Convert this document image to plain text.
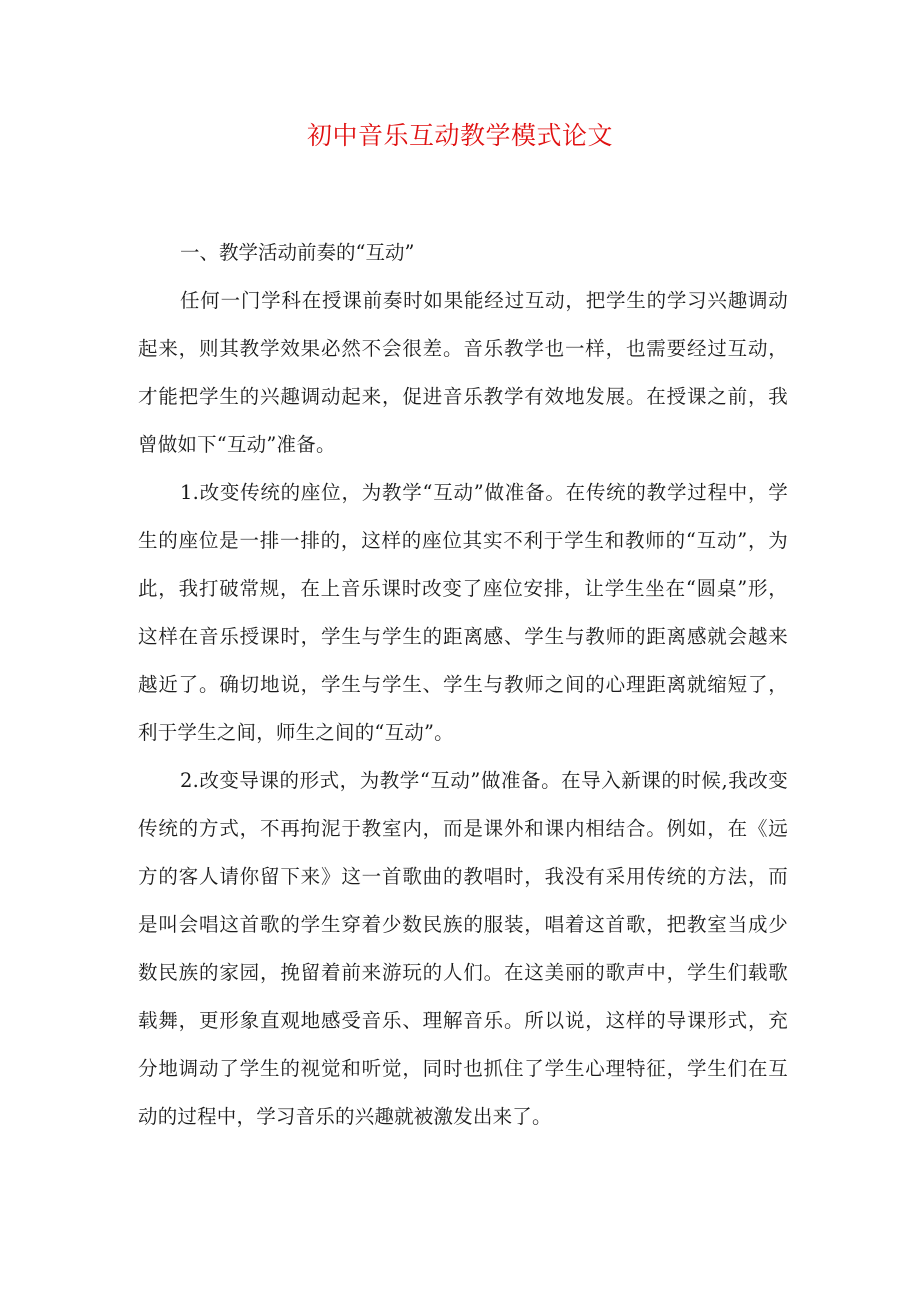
初中音乐互动教学模式论文

一、教学活动前奏的“互动”

任何一门学科在授课前奏时如果能经过互动，把学生的学习兴趣调动起来，则其教学效果必然不会很差。音乐教学也一样，也需要经过互动，才能把学生的兴趣调动起来，促进音乐教学有效地发展。在授课之前，我曾做如下“互动”准备。

1.改变传统的座位，为教学“互动”做准备。在传统的教学过程中，学生的座位是一排一排的，这样的座位其实不利于学生和教师的“互动”，为此，我打破常规，在上音乐课时改变了座位安排，让学生坐在“圆桌”形，这样在音乐授课时，学生与学生的距离感、学生与教师的距离感就会越来越近了。确切地说，学生与学生、学生与教师之间的心理距离就缩短了，利于学生之间，师生之间的“互动”。

2.改变导课的形式，为教学“互动”做准备。在导入新课的时候,我改变传统的方式，不再拘泥于教室内，而是课外和课内相结合。例如，在《远方的客人请你留下来》这一首歌曲的教唱时，我没有采用传统的方法，而是叫会唱这首歌的学生穿着少数民族的服装，唱着这首歌，把教室当成少数民族的家园，挽留着前来游玩的人们。在这美丽的歌声中，学生们载歌载舞，更形象直观地感受音乐、理解音乐。所以说，这样的导课形式，充分地调动了学生的视觉和听觉，同时也抓住了学生心理特征，学生们在互动的过程中，学习音乐的兴趣就被激发出来了。
